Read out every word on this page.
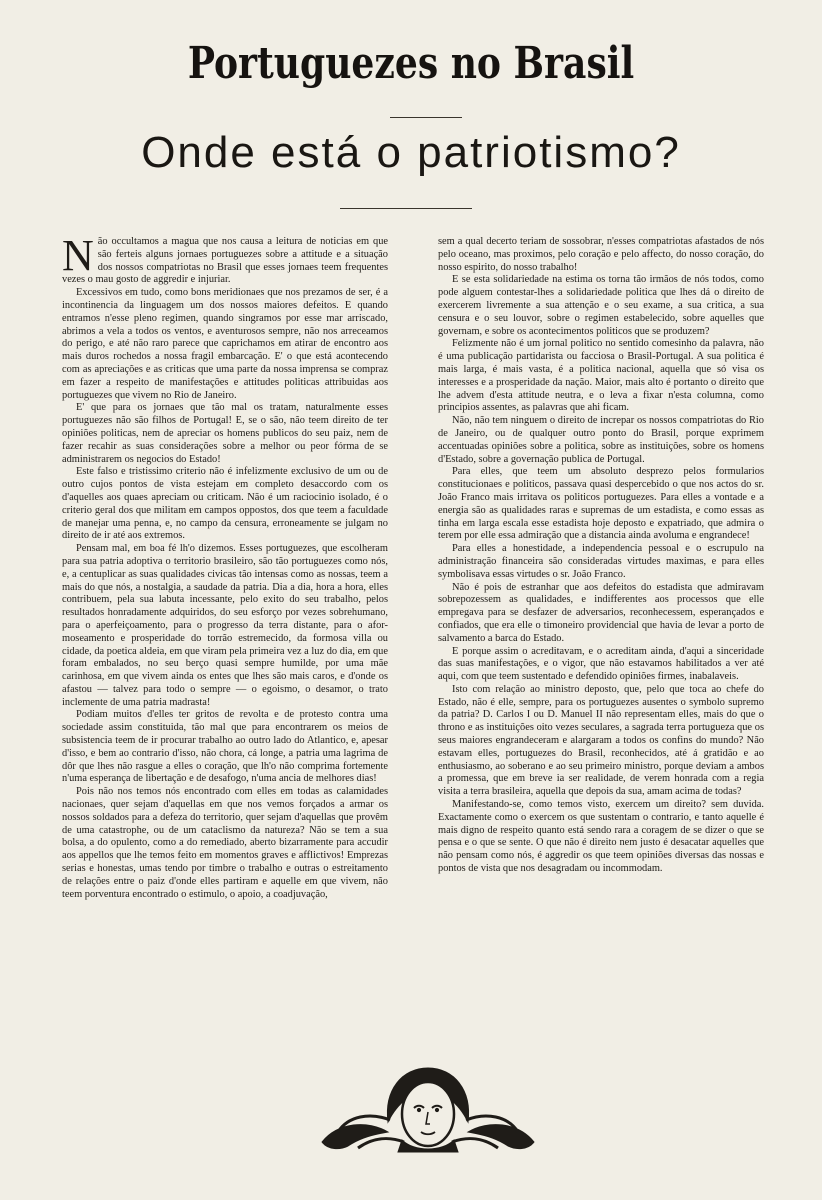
Portuguezes no Brasil
Onde está o patriotismo?

Não occultamos a magua que nos causa a leitura de noticias em que são ferteis alguns jornaes portuguezes sobre a attitude e a situação dos nossos compatriotas no Brasil que esses jornaes teem frequentes vezes o mau gosto de aggredir e injuriar.

Excessivos em tudo, como bons meridionaes que nos prezamos de ser, é a incontinencia da linguagem um dos nossos maiores defeitos. E quando entramos n'esse pleno regimen, quando singramos por esse mar arriscado, abrimos a vela a todos os ventos, e aventurosos sempre, não nos arreceamos do perigo, e até não raro parece que caprichamos em atirar de encontro aos mais duros rochedos a nossa fragil embarcação. E' o que está acontecendo com as apreciações e as criticas que uma parte da nossa imprensa se compraz em fazer a respeito de manifestações e attitudes politicas attribuidas aos portuguezes que vivem no Rio de Janeiro.

E' que para os jornaes que tão mal os tratam, naturalmente esses portuguezes não são filhos de Portugal! E, se o são, não teem direito de ter opiniões politicas, nem de apreciar os homens publicos do seu paiz, nem de fazer recahir as suas considerações sobre a melhor ou peor fórma de se administrarem os negocios do Estado!

Este falso e tristissimo criterio não é infelizmente exclusivo de um ou de outro cujos pontos de vista estejam em completo desaccordo com os d'aquelles aos quaes apreciam ou criticam. Não é um raciocinio isolado, é o criterio geral dos que militam em campos oppostos, dos que teem a faculdade de manejar uma penna, e, no campo da censura, erroneamente se julgam no direito de ir até aos extremos.

Pensam mal, em boa fé lh'o dizemos. Esses portuguezes, que escolheram para sua patria adoptiva o territorio brasileiro, são tão portuguezes como nós, e, a centuplicar as suas qualidades civicas tão intensas como as nossas, teem a mais do que nós, a nostalgia, a saudade da patria. Dia a dia, hora a hora, elles contribuem, pela sua labuta incessante, pelo exito do seu trabalho, pelos resultados honradamente adquiridos, do seu esforço por vezes sobrehumano, para o aperfeiçoamento, para o progresso da terra distante, para o afor-moseamento e prosperidade do torrão estremecido, da formosa villa ou cidade, da poetica aldeia, em que viram pela primeira vez a luz do dia, em que foram embalados, no seu berço quasi sempre humilde, por uma mãe carinhosa, em que vivem ainda os entes que lhes são mais caros, e d'onde os afastou — talvez para todo o sempre — o egoismo, o desamor, o trato inclemente de uma patria madrasta!

Podiam muitos d'elles ter gritos de revolta e de protesto contra uma sociedade assim constituida, tão mal que para encontrarem os meios de subsistencia teem de ir procurar trabalho ao outro lado do Atlantico, e, apesar d'isso, e bem ao contrario d'isso, não chora, cá longe, a patria uma lagrima de dôr que lhes não rasgue a elles o coração, que lh'o não comprima fortemente n'uma esperança de libertação e de desafogo, n'uma ancia de melhores dias!

Pois não nos temos nós encontrado com elles em todas as calamidades nacionaes, quer sejam d'aquellas em que nos vemos forçados a armar os nossos soldados para a defeza do territorio, quer sejam d'aquellas que provêm de uma catastrophe, ou de um cataclismo da natureza? Não se tem a sua bolsa, a do opulento, como a do remediado, aberto bizarramente para accudir aos appellos que lhe temos feito em momentos graves e afflictivos! Emprezas serias e honestas, umas tendo por timbre o trabalho e outras o estreitamento de relações entre o paiz d'onde elles partiram e aquelle em que vivem, não teem porventura encontrado o estimulo, o apoio, a coadjuvação,

sem a qual decerto teriam de sossobrar, n'esses compatriotas afastados de nós pelo oceano, mas proximos, pelo coração e pelo affecto, do nosso coração, do nosso espirito, do nosso trabalho!

E se esta solidariedade na estima os torna tão irmãos de nós todos, como pode alguem contestar-lhes a solidariedade politica que lhes dá o direito de exercerem livremente a sua attenção e o seu exame, a sua critica, a sua censura e o seu louvor, sobre o regimen estabelecido, sobre aquelles que governam, e sobre os acontecimentos politicos que se produzem?

Felizmente não é um jornal politico no sentido comesinho da palavra, não é uma publicação partidarista ou facciosa o Brasil-Portugal. A sua politica é mais larga, é mais vasta, é a politica nacional, aquella que só visa os interesses e a prosperidade da nação. Maior, mais alto é portanto o direito que lhe advem d'esta attitude neutra, e o leva a fixar n'esta columna, como principios assentes, as palavras que ahi ficam.

Não, não tem ninguem o direito de increpar os nossos compatriotas do Rio de Janeiro, ou de qualquer outro ponto do Brasil, porque exprimem accentuadas opiniões sobre a politica, sobre as instituições, sobre os homens d'Estado, sobre a governação publica de Portugal.

Para elles, que teem um absoluto desprezo pelos formularios constitucionaes e politicos, passava quasi despercebido o que nos actos do sr. João Franco mais irritava os politicos portuguezes. Para elles a vontade e a energia são as qualidades raras e supremas de um estadista, e como essas as tinha em larga escala esse estadista hoje deposto e expatriado, que admira o terem por elle essa admiração que a distancia ainda avoluma e engrandece!

Para elles a honestidade, a independencia pessoal e o escrupulo na administração financeira são consideradas virtudes maximas, e para elles symbolisava essas virtudes o sr. João Franco.

Não é pois de estranhar que aos defeitos do estadista que admiravam sobrepozessem as qualidades, e indifferentes aos processos que elle empregava para se desfazer de adversarios, reconhecessem, esperançados e confiados, que era elle o timoneiro providencial que havia de levar a porto de salvamento a barca do Estado.

E porque assim o acreditavam, e o acreditam ainda, d'aqui a sinceridade das suas manifestações, e o vigor, que não estavamos habilitados a ver até aqui, com que teem sustentado e defendido opiniões firmes, inabalaveis.

Isto com relação ao ministro deposto, que, pelo que toca ao chefe do Estado, não é elle, sempre, para os portuguezes ausentes o symbolo supremo da patria? D. Carlos I ou D. Manuel II não representam elles, mais do que o throno e as instituições oito vezes seculares, a sagrada terra portugueza que os seus maiores engrandeceram e alargaram a todos os confins do mundo? Não estavam elles, portuguezes do Brasil, reconhecidos, até á gratidão e ao enthusiasmo, ao soberano e ao seu primeiro ministro, porque deviam a ambos a promessa, que em breve ia ser realidade, de verem honrada com a regia visita a terra brasileira, aquella que depois da sua, amam acima de todas?

Manifestando-se, como temos visto, exercem um direito? sem duvida. Exactamente como o exercem os que sustentam o contrario, e tanto aquelle é mais digno de respeito quanto está sendo rara a coragem de se dizer o que se pensa e o que se sente. O que não é direito nem justo é desacatar aquelles que não pensam como nós, é aggredir os que teem opiniões diversas das nossas e pontos de vista que nos desagradam ou incommodam.
